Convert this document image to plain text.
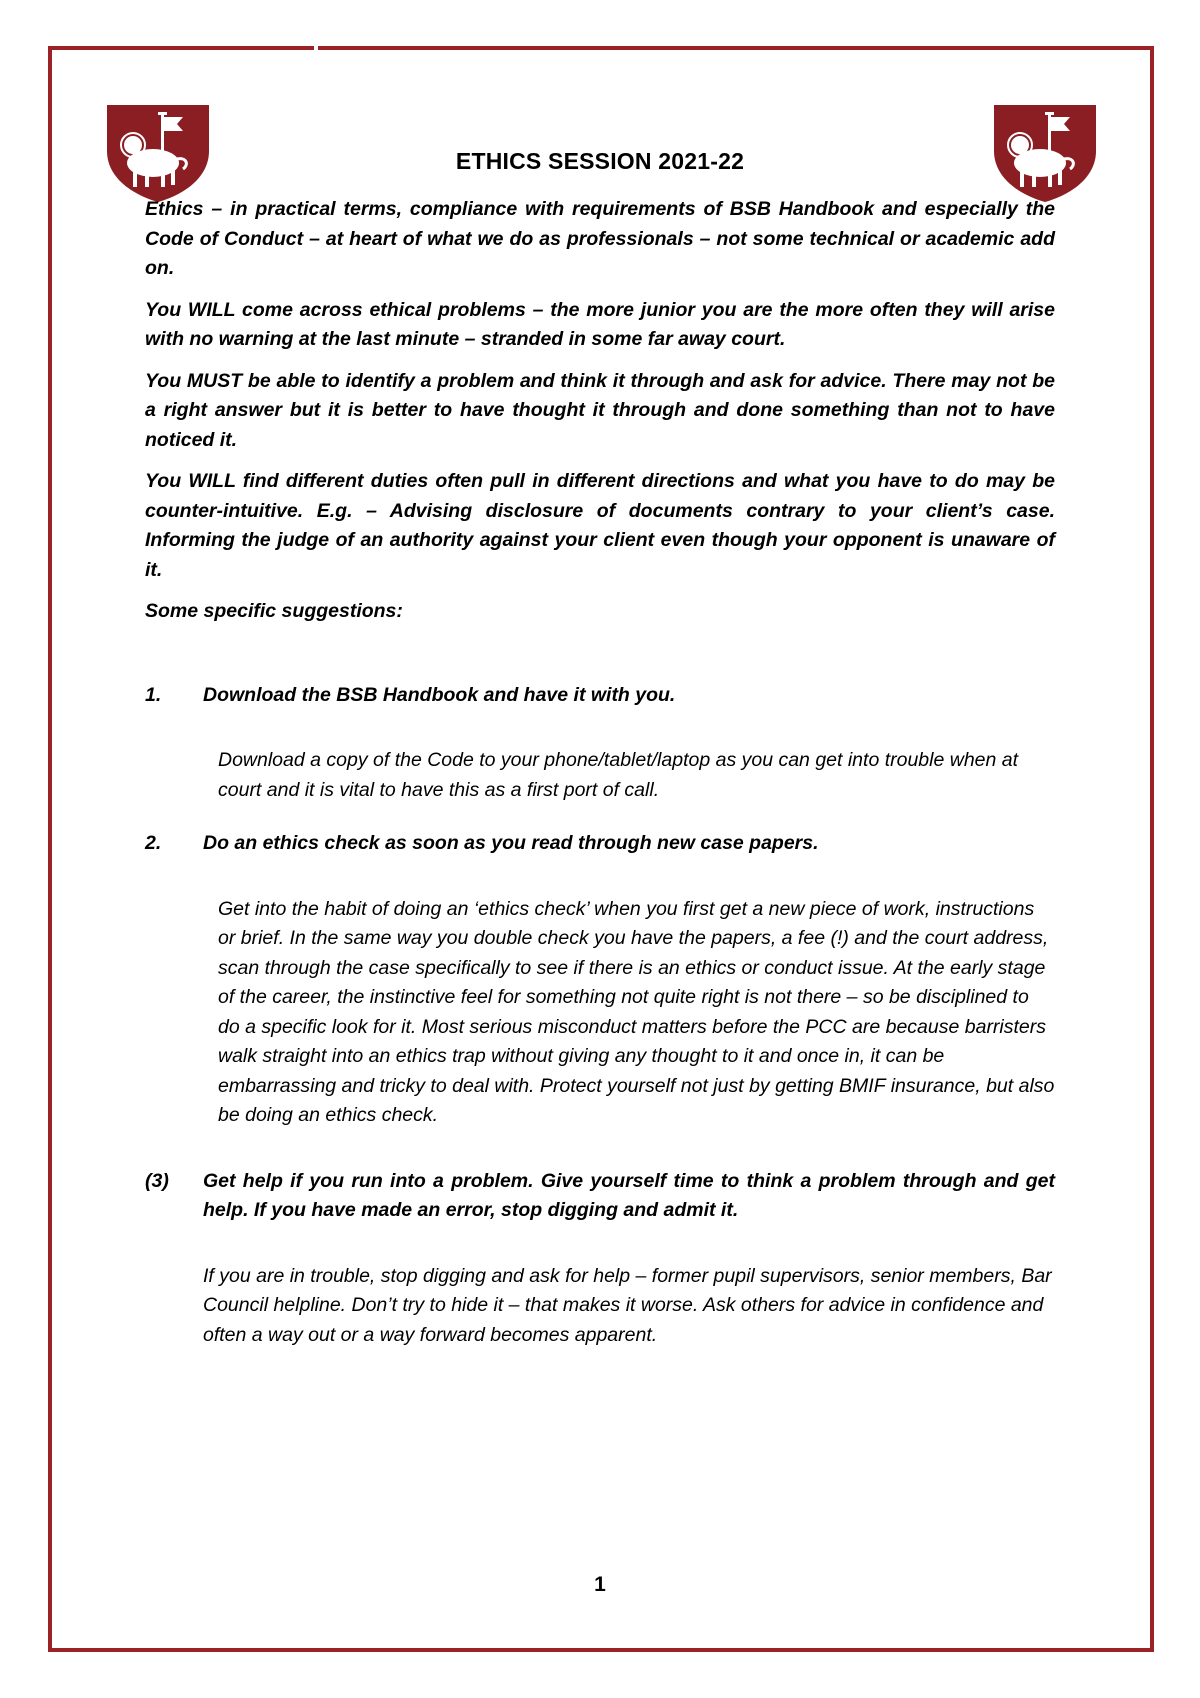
ETHICS SESSION 2021-22

Ethics – in practical terms, compliance with requirements of BSB Handbook and especially the Code of Conduct – at heart of what we do as professionals – not some technical or academic add on.

You WILL come across ethical problems – the more junior you are the more often they will arise with no warning at the last minute – stranded in some far away court.

You MUST be able to identify a problem and think it through and ask for advice. There may not be a right answer but it is better to have thought it through and done something than not to have noticed it.

You WILL find different duties often pull in different directions and what you have to do may be counter-intuitive. E.g. – Advising disclosure of documents contrary to your client’s case. Informing the judge of an authority against your client even though your opponent is unaware of it.

Some specific suggestions:

1.	Download the BSB Handbook and have it with you.
Download a copy of the Code to your phone/tablet/laptop as you can get into trouble when at court and it is vital to have this as a first port of call.
2.	Do an ethics check as soon as you read through new case papers.
Get into the habit of doing an ‘ethics check’ when you first get a new piece of work, instructions or brief. In the same way you double check you have the papers, a fee (!) and the court address, scan through the case specifically to see if there is an ethics or conduct issue. At the early stage of the career, the instinctive feel for something not quite right is not there – so be disciplined to do a specific look for it. Most serious misconduct matters before the PCC are because barristers walk straight into an ethics trap without giving any thought to it and once in, it can be embarrassing and tricky to deal with. Protect yourself not just by getting BMIF insurance, but also be doing an ethics check.
(3)	Get help if you run into a problem. Give yourself time to think a problem through and get help. If you have made an error, stop digging and admit it.
If you are in trouble, stop digging and ask for help – former pupil supervisors, senior members, Bar Council helpline. Don’t try to hide it – that makes it worse. Ask others for advice in confidence and often a way out or a way forward becomes apparent.
1
